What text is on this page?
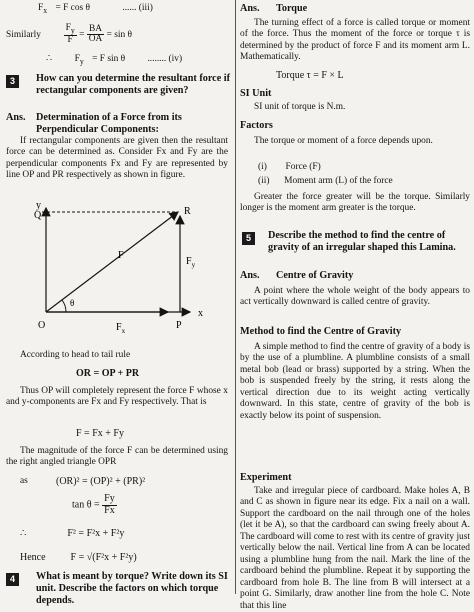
$F_x = F$ cos θ	...... (iii)
Similarly $\frac{F_y}{F} = \frac{BA}{OA} = \sin \theta$
∴ $F_y = F$ sin θ ........ (iv)
3	How can you determine the resultant force if rectangular components are given?
Ans. Determination of a Force from its Perpendicular Components:

If rectangular components are given then the resultant force can be determined as. Consider Fx and Fy are the perpendicular components Fx and Fy are represented by line OP and PR respectively as shown in figure.

y
x
O	P
Q	R
F
$F_y$
$F_x$
θ
According to head to tail rule
OR = OP + PR

Thus OP will completely represent the force F whose x and y-components are Fx and Fy respectively. That is

F = Fx + Fy

The magnitude of the force F can be determined using the right angled triangle OPR

as	(OR)² = (OP)² + (PR)²
$\tan \theta = \frac{Fy}{Fx}$
∴	F² = F²x + F²y
Hence	F = √(F²x + F²y)
4	What is meant by torque? Write down its SI unit. Describe the factors on which torque depends.
Ans. Torque

The turning effect of a force is called torque or moment of the force. Thus the moment of the force or torque τ is determined by the product of force F and its moment arm L. Mathematically.

Torque τ = F × L
SI Unit
SI unit of torque is N.m.
Factors

The torque or moment of a force depends upon.

(i) Force (F)
(ii) Moment arm (L) of the force

Greater the force greater will be the torque. Similarly longer is the moment arm greater is the torque.

5	Describe the method to find the centre of gravity of an irregular shaped this Lamina.
Ans. Centre of Gravity

A point where the whole weight of the body appears to act vertically downward is called centre of gravity.

Method to find the Centre of Gravity

A simple method to find the centre of gravity of a body is by the use of a plumbline. A plumbline consists of a small metal bob (lead or brass) supported by a string. When the bob is suspended freely by the string, it rests along the vertical direction due to its weight acting vertically downward. In this state, centre of gravity of the bob is exactly below its point of suspension.

Experiment

Take and irregular piece of cardboard. Make holes A, B and C as shown in figure near its edge. Fix a nail on a wall. Support the cardboard on the nail through one of the holes (let it be A), so that the cardboard can swing freely about A. The cardboard will come to rest with its centre of gravity just vertically below the nail. Vertical line from A can be located using a plumbline hung from the nail. Mark the line of the cardboard behind the plumbline. Repeat it by supporting the cardboard from hole B. The line from B will intersect at a point G. Similarly, draw another line from the hole C. Note that this line
